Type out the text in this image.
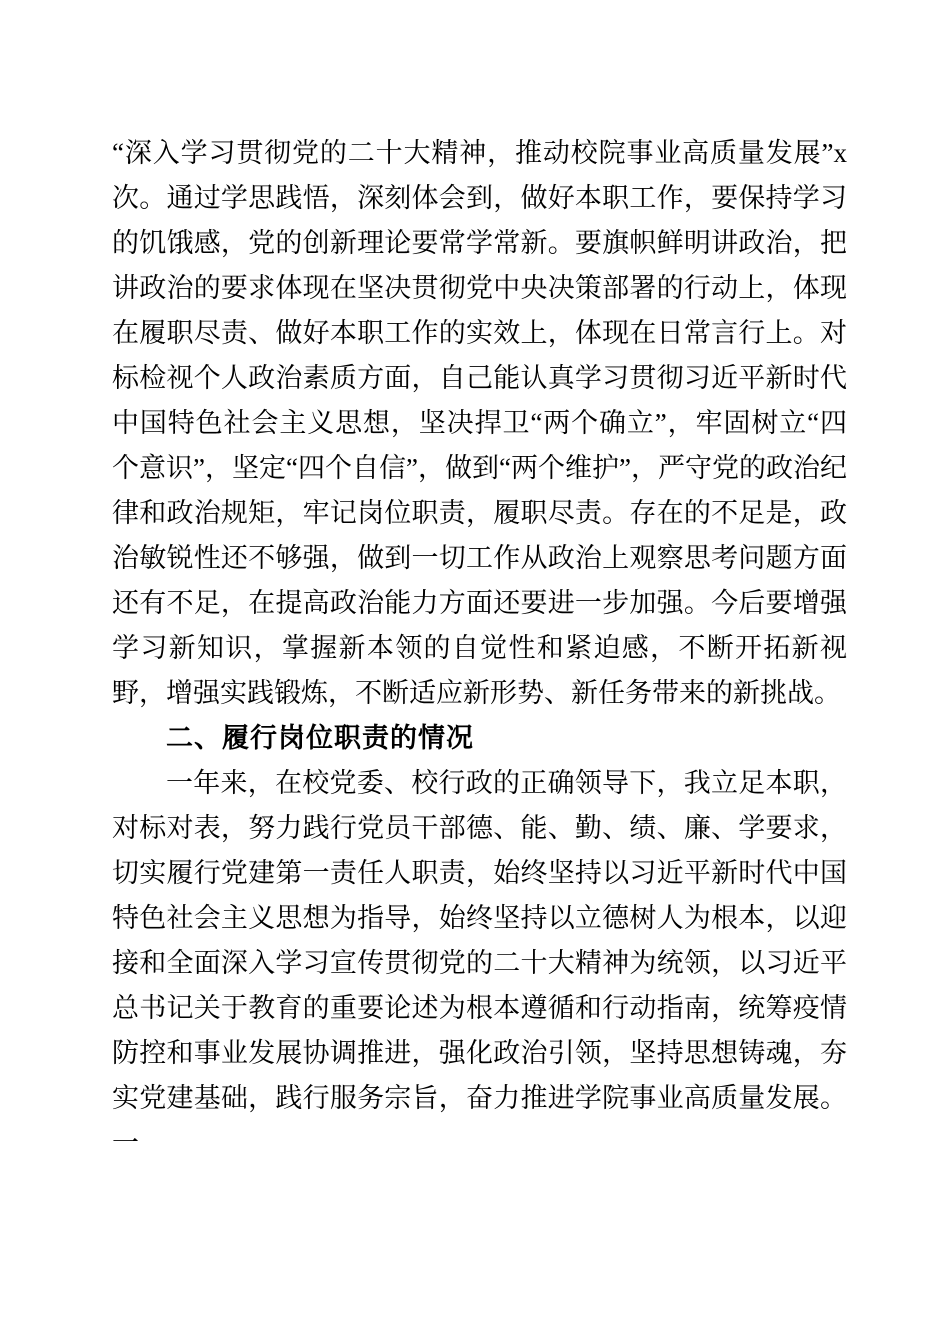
“深入学习贯彻党的二十大精神，推动校院事业高质量发展”x次。通过学思践悟，深刻体会到，做好本职工作，要保持学习的饥饿感，党的创新理论要常学常新。要旗帜鲜明讲政治，把讲政治的要求体现在坚决贯彻党中央决策部署的行动上，体现在履职尽责、做好本职工作的实效上，体现在日常言行上。对标检视个人政治素质方面，自己能认真学习贯彻习近平新时代中国特色社会主义思想，坚决捍卫“两个确立”，牢固树立“四个意识”，坚定“四个自信”，做到“两个维护”，严守党的政治纪律和政治规矩，牢记岗位职责，履职尽责。存在的不足是，政治敏锐性还不够强，做到一切工作从政治上观察思考问题方面还有不足，在提高政治能力方面还要进一步加强。今后要增强学习新知识，掌握新本领的自觉性和紧迫感，不断开拓新视野，增强实践锻炼，不断适应新形势、新任务带来的新挑战。

二、履行岗位职责的情况

一年来，在校党委、校行政的正确领导下，我立足本职，对标对表，努力践行党员干部德、能、勤、绩、廉、学要求，切实履行党建第一责任人职责，始终坚持以习近平新时代中国特色社会主义思想为指导，始终坚持以立德树人为根本，以迎接和全面深入学习宣传贯彻党的二十大精神为统领，以习近平总书记关于教育的重要论述为根本遵循和行动指南，统筹疫情防控和事业发展协调推进，强化政治引领，坚持思想铸魂，夯实党建基础，践行服务宗旨，奋力推进学院事业高质量发展。一
